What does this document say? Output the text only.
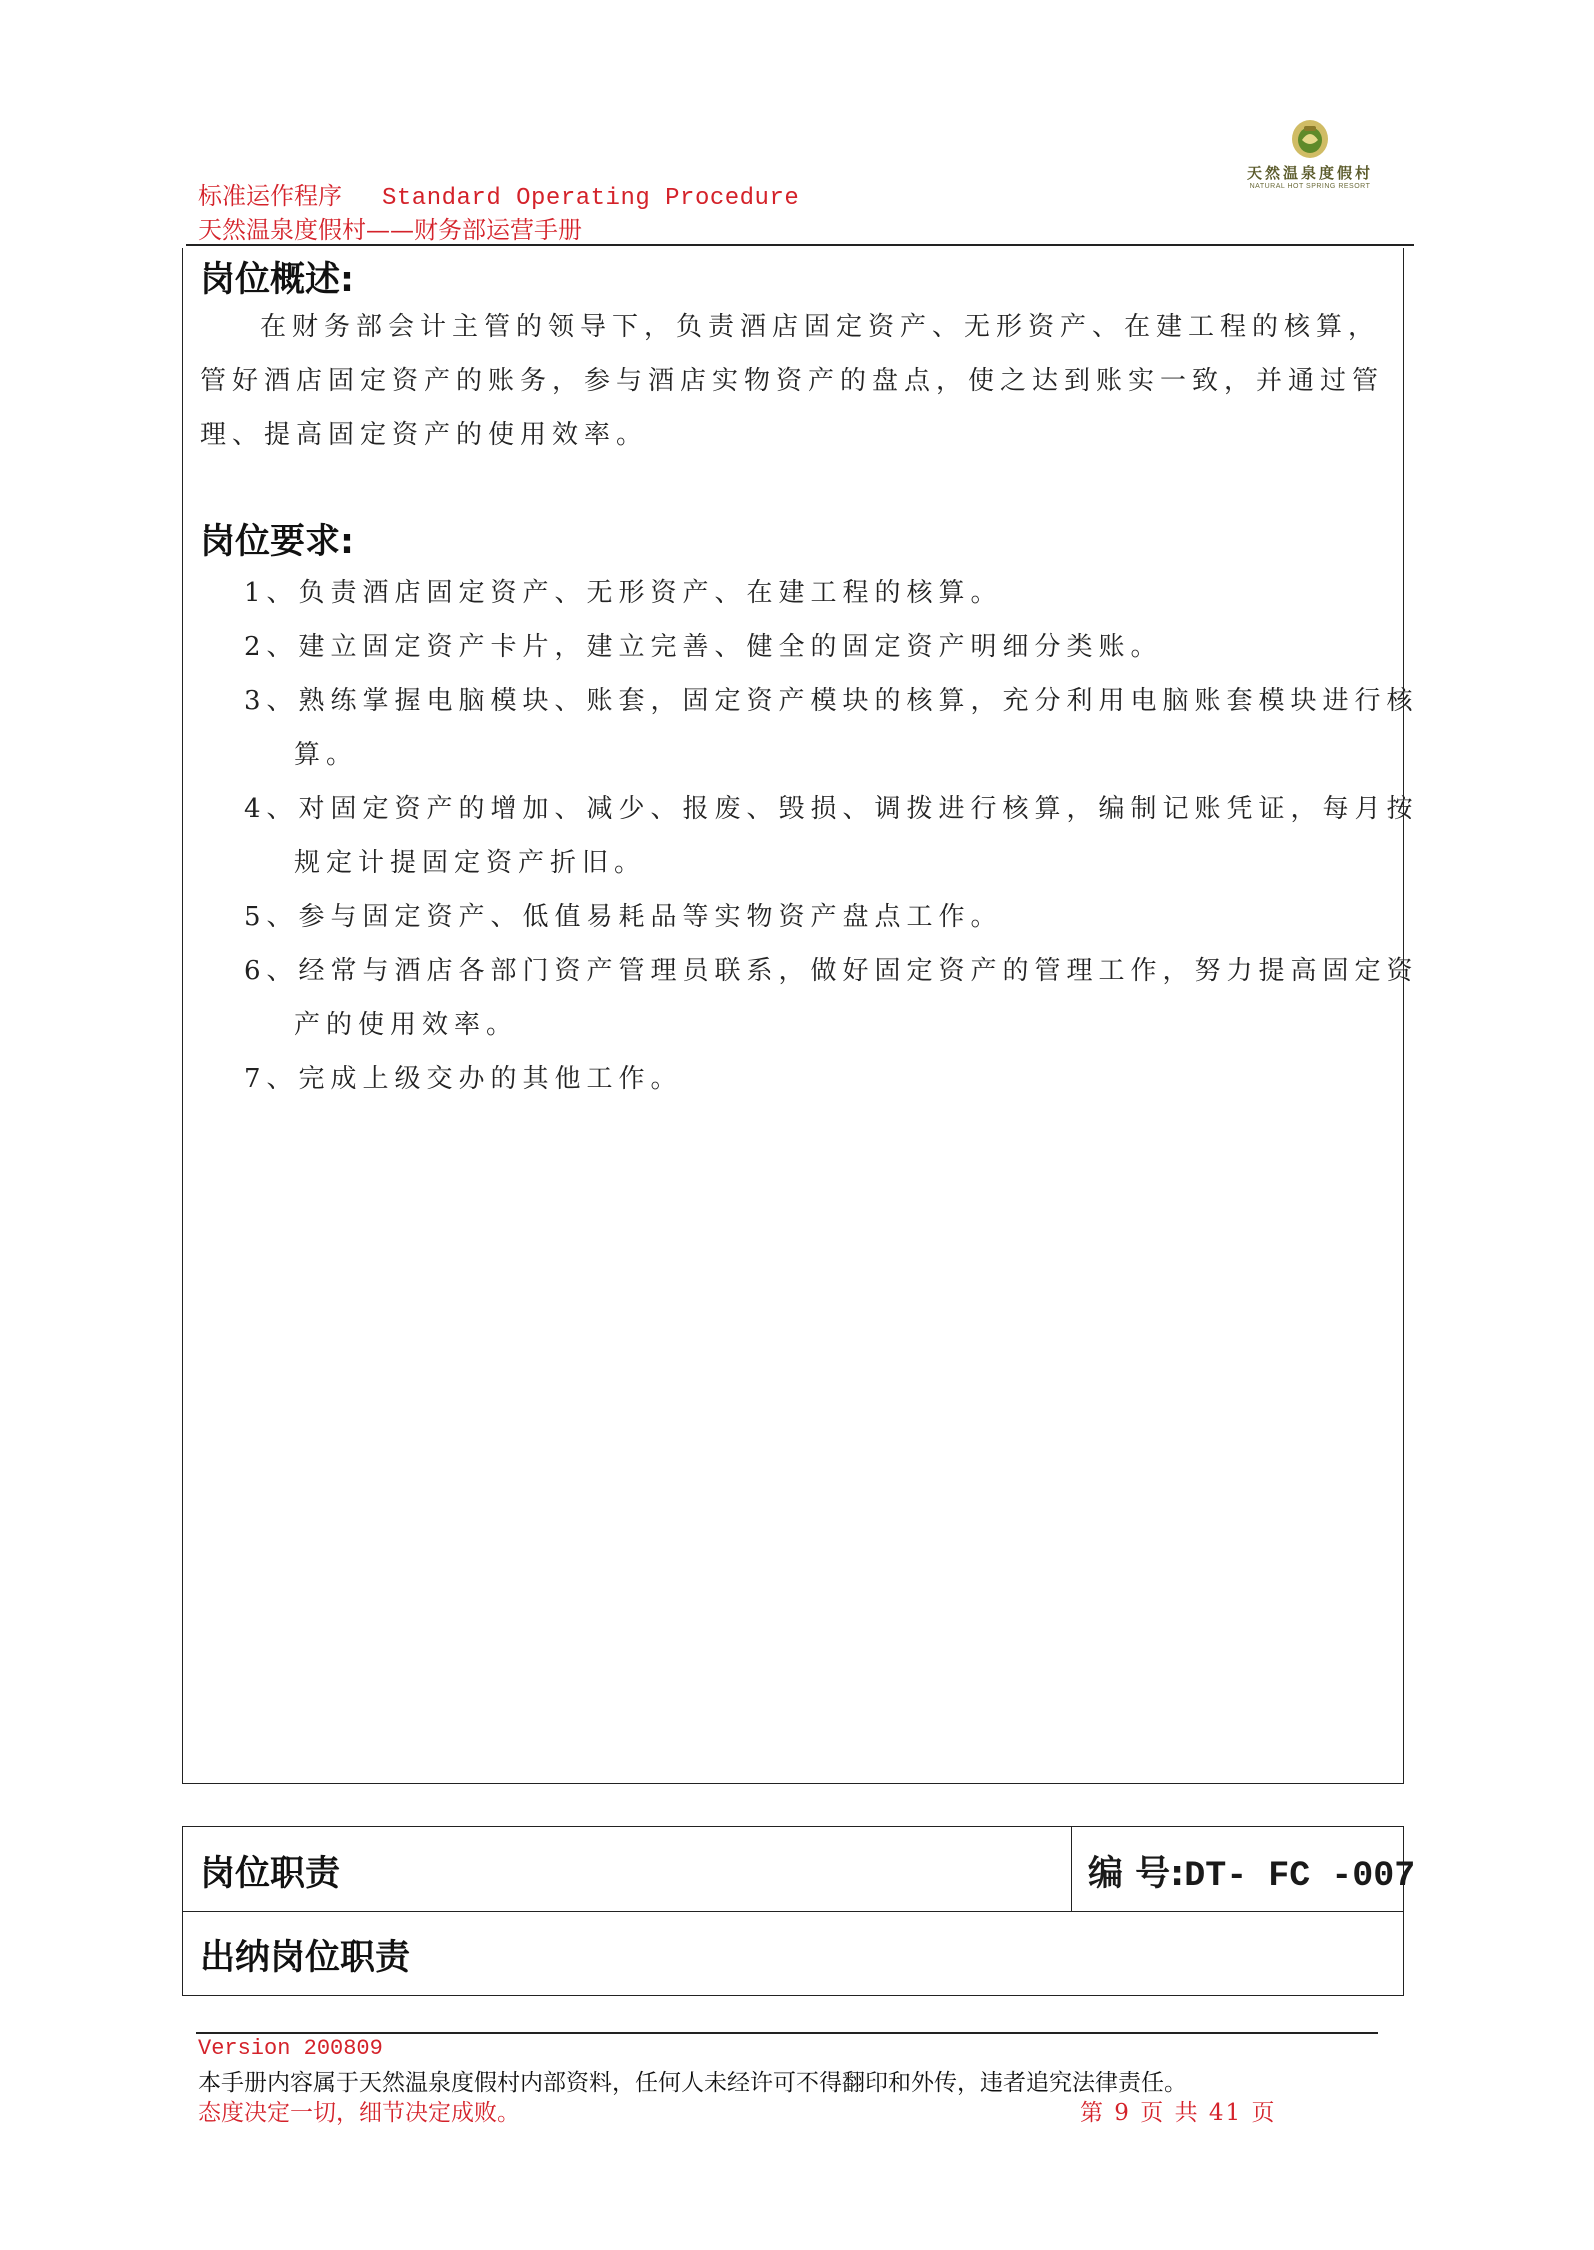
标准运作程序 Standard Operating Procedure
天然温泉度假村——财务部运营手册
天然温泉度假村
NATURAL HOT SPRING RESORT
岗位概述:
在财务部会计主管的领导下，负责酒店固定资产、无形资产、在建工程的核算，管好酒店固定资产的账务，参与酒店实物资产的盘点，使之达到账实一致，并通过管理、提高固定资产的使用效率。
岗位要求:
1、负责酒店固定资产、无形资产、在建工程的核算。
2、建立固定资产卡片，建立完善、健全的固定资产明细分类账。
3、熟练掌握电脑模块、账套，固定资产模块的核算，充分利用电脑账套模块进行核算。
4、对固定资产的增加、减少、报废、毁损、调拨进行核算，编制记账凭证，每月按规定计提固定资产折旧。
5、参与固定资产、低值易耗品等实物资产盘点工作。
6、经常与酒店各部门资产管理员联系，做好固定资产的管理工作，努力提高固定资产的使用效率。
7、完成上级交办的其他工作。
岗位职责	编 号:DT- FC -007
出纳岗位职责
Version 200809
本手册内容属于天然温泉度假村内部资料，任何人未经许可不得翻印和外传，违者追究法律责任。
态度决定一切，细节决定成败。	第 9 页 共 41 页
